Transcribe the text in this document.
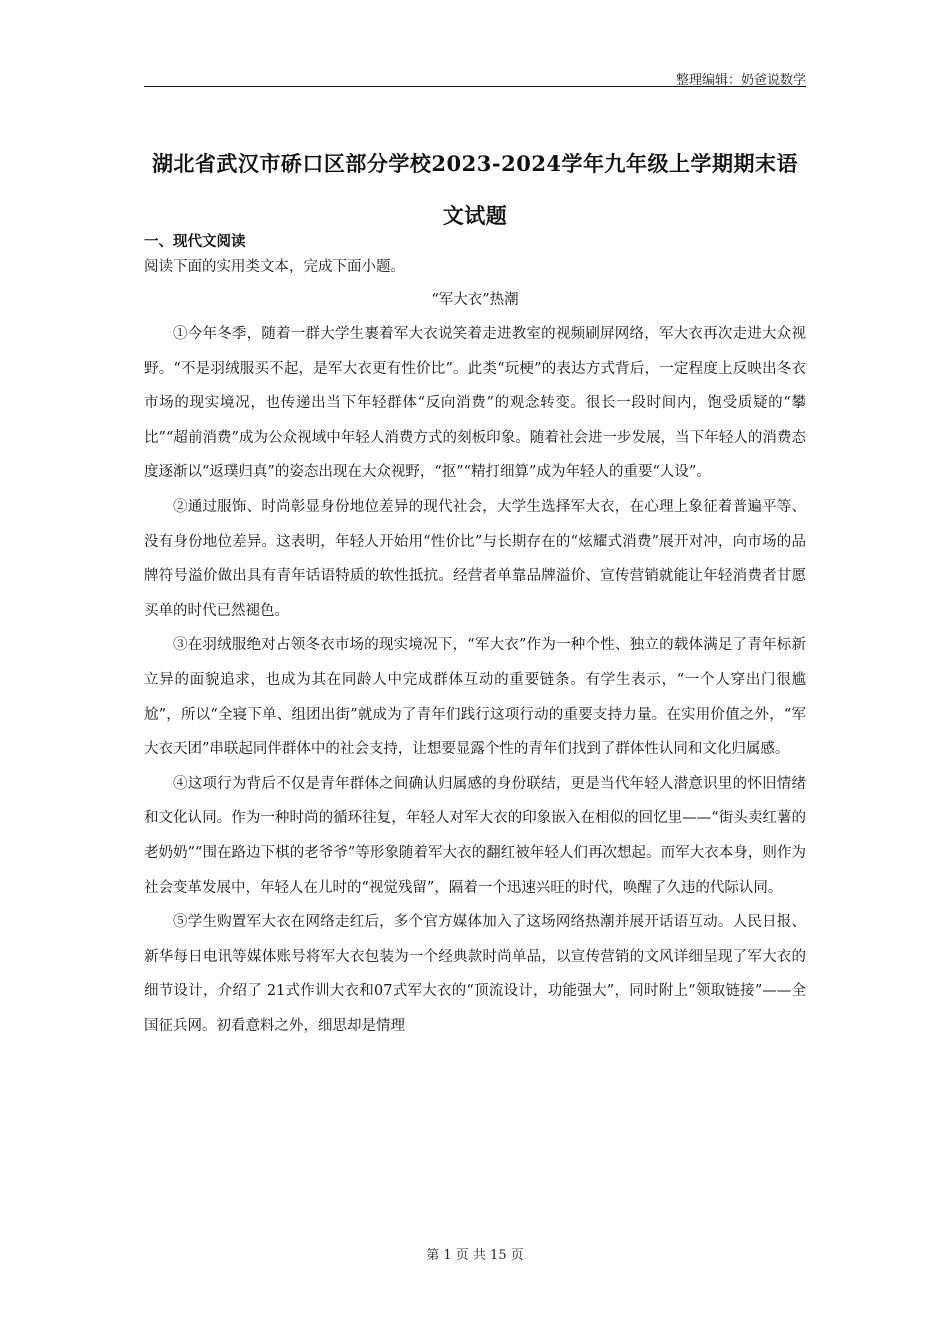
整理编辑：奶爸说数学
湖北省武汉市硚口区部分学校2023-2024学年九年级上学期期末语文试题
一、现代文阅读
阅读下面的实用类文本，完成下面小题。
“军大衣”热潮

①今年冬季，随着一群大学生裹着军大衣说笑着走进教室的视频刷屏网络，军大衣再次走进大众视野。“不是羽绒服买不起，是军大衣更有性价比”。此类“玩梗”的表达方式背后，一定程度上反映出冬衣市场的现实境况，也传递出当下年轻群体“反向消费”的观念转变。很长一段时间内，饱受质疑的“攀比”“超前消费”成为公众视域中年轻人消费方式的刻板印象。随着社会进一步发展，当下年轻人的消费态度逐渐以“返璞归真”的姿态出现在大众视野，“抠”“精打细算”成为年轻人的重要“人设”。

②通过服饰、时尚彰显身份地位差异的现代社会，大学生选择军大衣，在心理上象征着普遍平等、没有身份地位差异。这表明，年轻人开始用“性价比”与长期存在的“炫耀式消费”展开对冲，向市场的品牌符号溢价做出具有青年话语特质的软性抵抗。经营者单靠品牌溢价、宣传营销就能让年轻消费者甘愿买单的时代已然褪色。

③在羽绒服绝对占领冬衣市场的现实境况下，“军大衣”作为一种个性、独立的载体满足了青年标新立异的面貌追求，也成为其在同龄人中完成群体互动的重要链条。有学生表示，“一个人穿出门很尴尬”，所以“全寝下单、组团出街”就成为了青年们践行这项行动的重要支持力量。在实用价值之外，“军大衣天团”串联起同伴群体中的社会支持，让想要显露个性的青年们找到了群体性认同和文化归属感。

④这项行为背后不仅是青年群体之间确认归属感的身份联结，更是当代年轻人潜意识里的怀旧情绪和文化认同。作为一种时尚的循环往复，年轻人对军大衣的印象嵌入在相似的回忆里——“街头卖红薯的老奶奶”“围在路边下棋的老爷爷”等形象随着军大衣的翻红被年轻人们再次想起。而军大衣本身，则作为社会变革发展中，年轻人在儿时的“视觉残留”，隔着一个迅速兴旺的时代，唤醒了久违的代际认同。

⑤学生购置军大衣在网络走红后，多个官方媒体加入了这场网络热潮并展开话语互动。人民日报、新华每日电讯等媒体账号将军大衣包装为一个经典款时尚单品，以宣传营销的文风详细呈现了军大衣的细节设计，介绍了 21式作训大衣和07式军大衣的“顶流设计，功能强大”，同时附上“领取链接”——全国征兵网。初看意料之外，细思却是情理

第 1 页 共 15 页
